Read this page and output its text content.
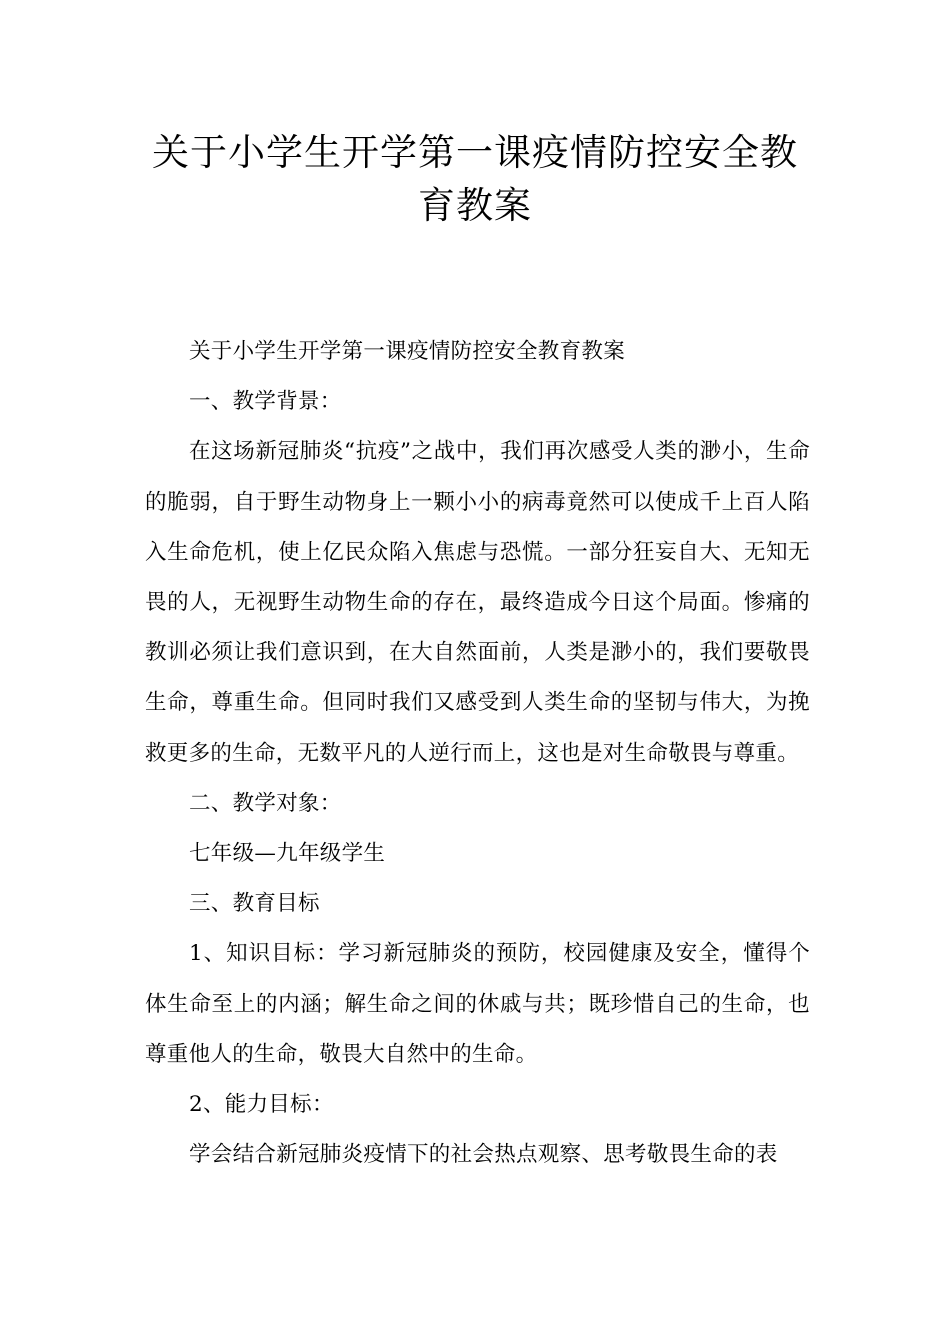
关于小学生开学第一课疫情防控安全教
育教案

关于小学生开学第一课疫情防控安全教育教案

一、教学背景：

在这场新冠肺炎“抗疫”之战中，我们再次感受人类的渺小，生命的脆弱，自于野生动物身上一颗小小的病毒竟然可以使成千上百人陷入生命危机，使上亿民众陷入焦虑与恐慌。一部分狂妄自大、无知无畏的人，无视野生动物生命的存在，最终造成今日这个局面。惨痛的教训必须让我们意识到，在大自然面前，人类是渺小的，我们要敬畏生命，尊重生命。但同时我们又感受到人类生命的坚韧与伟大，为挽救更多的生命，无数平凡的人逆行而上，这也是对生命敬畏与尊重。

二、教学对象：

七年级—九年级学生

三、教育目标

1、知识目标：学习新冠肺炎的预防，校园健康及安全，懂得个体生命至上的内涵；解生命之间的休戚与共；既珍惜自己的生命，也尊重他人的生命，敬畏大自然中的生命。

2、能力目标：

学会结合新冠肺炎疫情下的社会热点观察、思考敬畏生命的表
